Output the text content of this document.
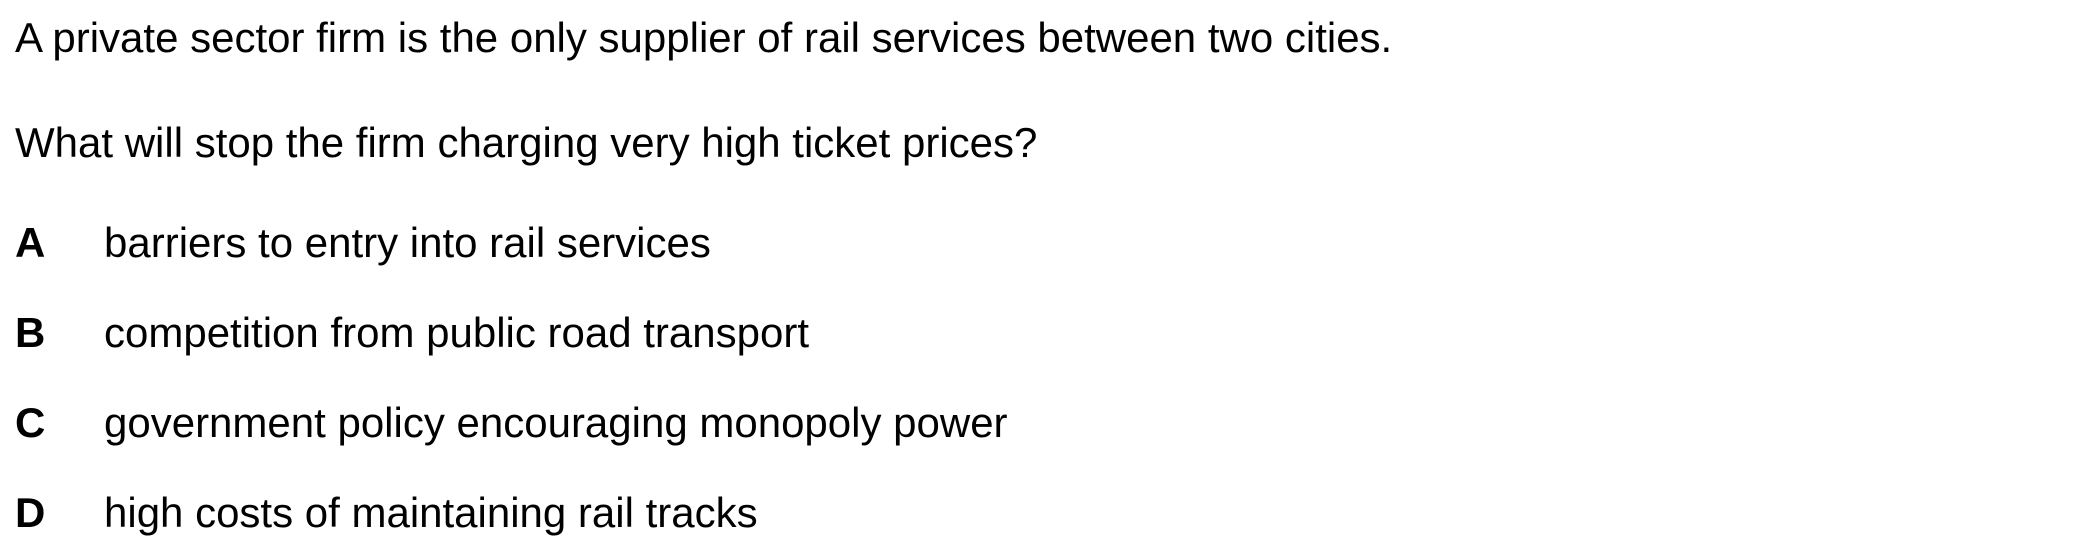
A private sector firm is the only supplier of rail services between two cities.
What will stop the firm charging very high ticket prices?
A barriers to entry into rail services
B competition from public road transport
C government policy encouraging monopoly power
D high costs of maintaining rail tracks
